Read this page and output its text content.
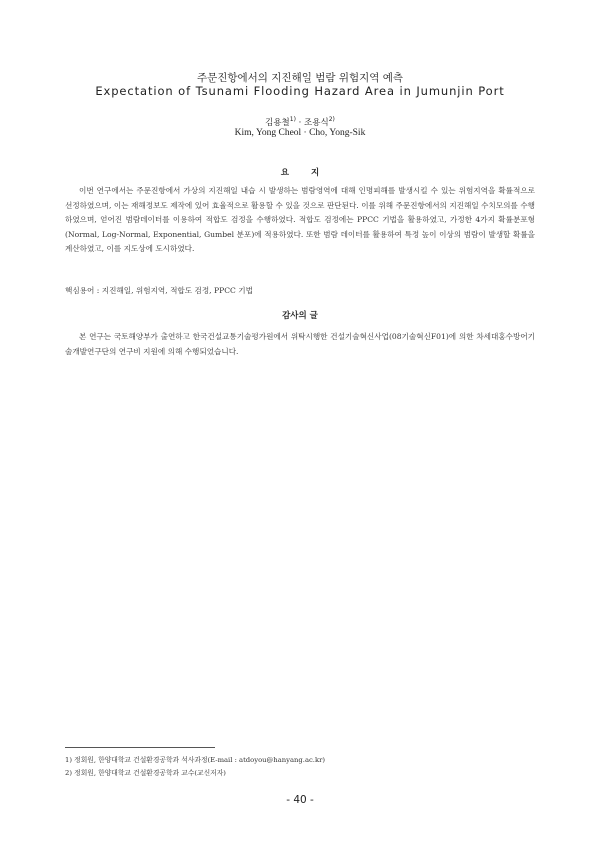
주문진항에서의 지진해일 범람 위험지역 예측
Expectation of Tsunami Flooding Hazard Area in Jumunjin Port
김용철$^{1)}$ · 조용식$^{2)}$
Kim, Yong Cheol · Cho, Yong-Sik
요지

이번 연구에서는 주문진항에서 가상의 지진해일 내습 시 발생하는 범람영역에 대해 인명피해를 발생시킬 수 있는 위험지역을 확률적으로 선정하였으며, 이는 재해정보도 제작에 있어 효율적으로 활용할 수 있을 것으로 판단된다. 이를 위해 주문진항에서의 지진해일 수치모의를 수행하였으며, 얻어진 범람데이터를 이용하여 적합도 검정을 수행하였다. 적합도 검정에는 PPCC 기법을 활용하였고, 가정한 4가지 확률분포형(Normal, Log-Normal, Exponential, Gumbel 분포)에 적용하였다. 또한 범람 데이터를 활용하여 특정 높이 이상의 범람이 발생할 확률을 계산하였고, 이를 지도상에 도시하였다.

핵심용어 : 지진해일, 위험지역, 적합도 검정, PPCC 기법

감사의 글

본 연구는 국토해양부가 출연하고 한국건설교통기술평가원에서 위탁시행한 건설기술혁신사업(08기술혁신F01)에 의한 차세대홍수방어기술개발연구단의 연구비 지원에 의해 수행되었습니다.

1) 정회원, 한양대학교 건설환경공학과 석사과정(E-mail : atdoyou@hanyang.ac.kr)
2) 정회원, 한양대학교 건설환경공학과 교수(교신저자)
- 40 -
